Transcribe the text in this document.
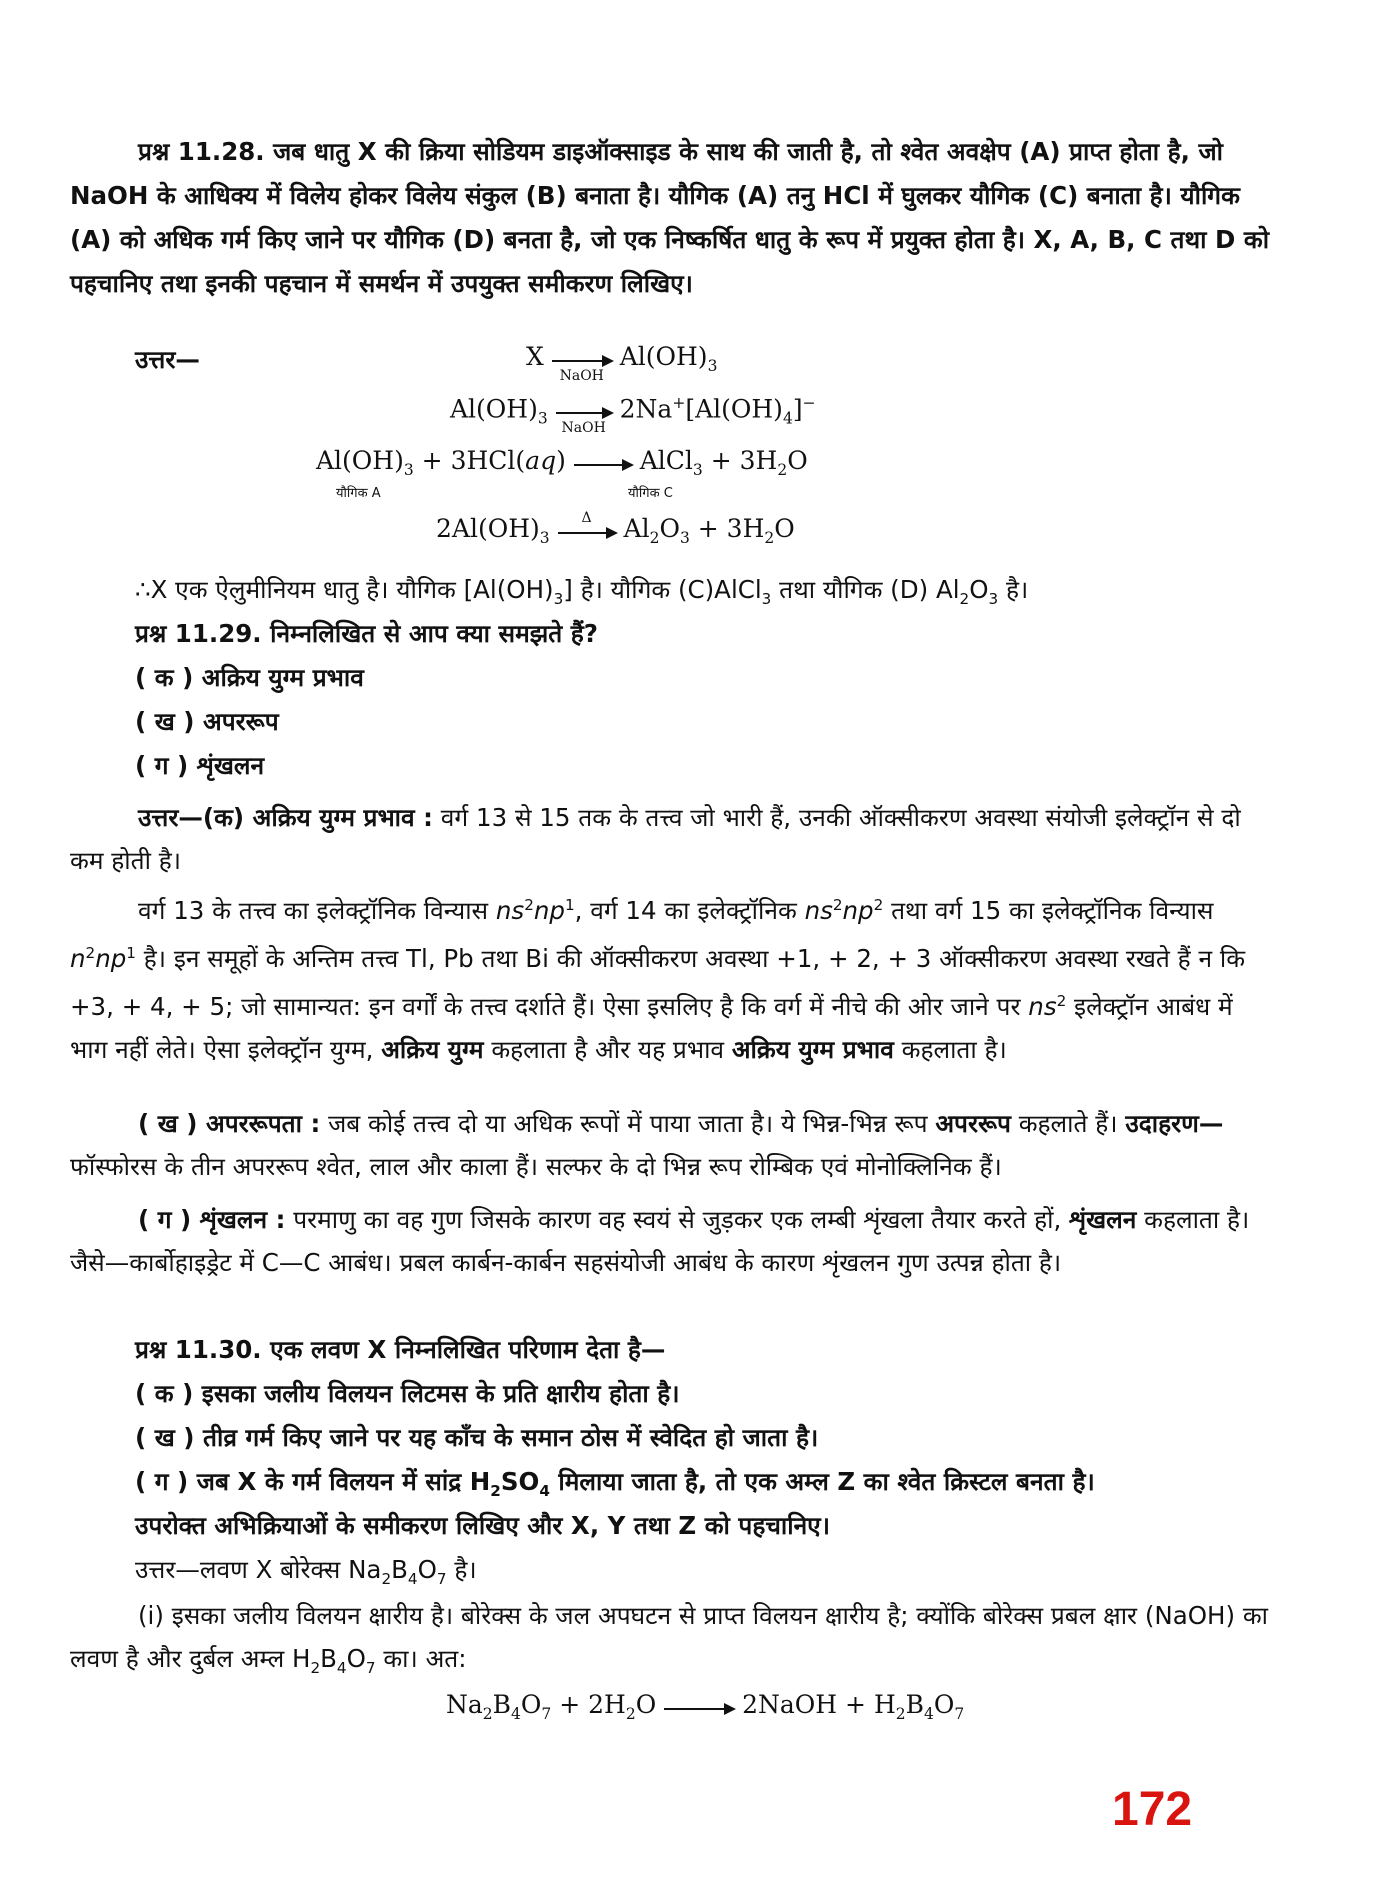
प्रश्न 11.28. जब धातु X की क्रिया सोडियम डाइऑक्साइड के साथ की जाती है, तो श्वेत अवक्षेप (A) प्राप्त होता है, जो NaOH के आधिक्य में विलेय होकर विलेय संकुल (B) बनाता है। यौगिक (A) तनु HCl में घुलकर यौगिक (C) बनाता है। यौगिक (A) को अधिक गर्म किए जाने पर यौगिक (D) बनता है, जो एक निष्कर्षित धातु के रूप में प्रयुक्त होता है। X, A, B, C तथा D को पहचानिए तथा इनकी पहचान में समर्थन में उपयुक्त समीकरण लिखिए।
उत्तर—	X
NaOH
$Al(OH)_3$
$Al(OH)_3$
NaOH
$2Na^+[Al(OH)_4]^-$
$Al(OH)_3 + 3HCl(aq)$
AlCl$_3$ + $3H_2O$
यौगिक A	यौगिक C
$2Al(OH)_3$
Δ $Al_2O_3 + 3H_2O$
∴X एक ऐलुमीनियम धातु है। यौगिक $[Al(OH)_3]$ है। यौगिक (C)AlCl$_3$ तथा यौगिक (D) $Al_2O_3$ है।
प्रश्न 11.29. निम्नलिखित से आप क्या समझते हैं?
( क ) अक्रिय युग्म प्रभाव
( ख ) अपररूप
( ग ) शृंखलन
उत्तर—(क) अक्रिय युग्म प्रभाव : वर्ग 13 से 15 तक के तत्त्व जो भारी हैं, उनकी ऑक्सीकरण अवस्था संयोजी इलेक्ट्रॉन से दो कम होती है।
वर्ग 13 के तत्त्व का इलेक्ट्रॉनिक विन्यास $ns^2np^1$, वर्ग 14 का इलेक्ट्रॉनिक $ns^2np^2$ तथा वर्ग 15 का इलेक्ट्रॉनिक विन्यास $n^2np^1$ है। इन समूहों के अन्तिम तत्त्व Tl, Pb तथा Bi की ऑक्सीकरण अवस्था +1, + 2, + 3 ऑक्सीकरण अवस्था रखते हैं न कि +3, + 4, + 5; जो सामान्यत: इन वर्गों के तत्त्व दर्शाते हैं। ऐसा इसलिए है कि वर्ग में नीचे की ओर जाने पर $ns^2$ इलेक्ट्रॉन आबंध में भाग नहीं लेते। ऐसा इलेक्ट्रॉन युग्म, अक्रिय युग्म कहलाता है और यह प्रभाव अक्रिय युग्म प्रभाव कहलाता है।
( ख ) अपररूपता : जब कोई तत्त्व दो या अधिक रूपों में पाया जाता है। ये भिन्न-भिन्न रूप अपररूप कहलाते हैं। उदाहरण—फॉस्फोरस के तीन अपररूप श्वेत, लाल और काला हैं। सल्फर के दो भिन्न रूप रोम्बिक एवं मोनोक्लिनिक हैं।
( ग ) शृंखलन : परमाणु का वह गुण जिसके कारण वह स्वयं से जुड़कर एक लम्बी शृंखला तैयार करते हों, शृंखलन कहलाता है। जैसे—कार्बोहाइड्रेट में C—C आबंध। प्रबल कार्बन-कार्बन सहसंयोजी आबंध के कारण शृंखलन गुण उत्पन्न होता है।
प्रश्न 11.30. एक लवण X निम्नलिखित परिणाम देता है—
( क ) इसका जलीय विलयन लिटमस के प्रति क्षारीय होता है।
( ख ) तीव्र गर्म किए जाने पर यह काँच के समान ठोस में स्वेदित हो जाता है।
( ग ) जब X के गर्म विलयन में सांद्र $H_2SO_4$ मिलाया जाता है, तो एक अम्ल Z का श्वेत क्रिस्टल बनता है।
उपरोक्त अभिक्रियाओं के समीकरण लिखिए और X, Y तथा Z को पहचानिए।
उत्तर—लवण X बोरेक्स $Na_2B_4O_7$ है।
(i) इसका जलीय विलयन क्षारीय है। बोरेक्स के जल अपघटन से प्राप्त विलयन क्षारीय है; क्योंकि बोरेक्स प्रबल क्षार (NaOH) का लवण है और दुर्बल अम्ल $H_2B_4O_7$ का। अत:
$Na_2B_4O_7 + 2H_2O$	2NaOH + $H_2B_4O_7$
172
